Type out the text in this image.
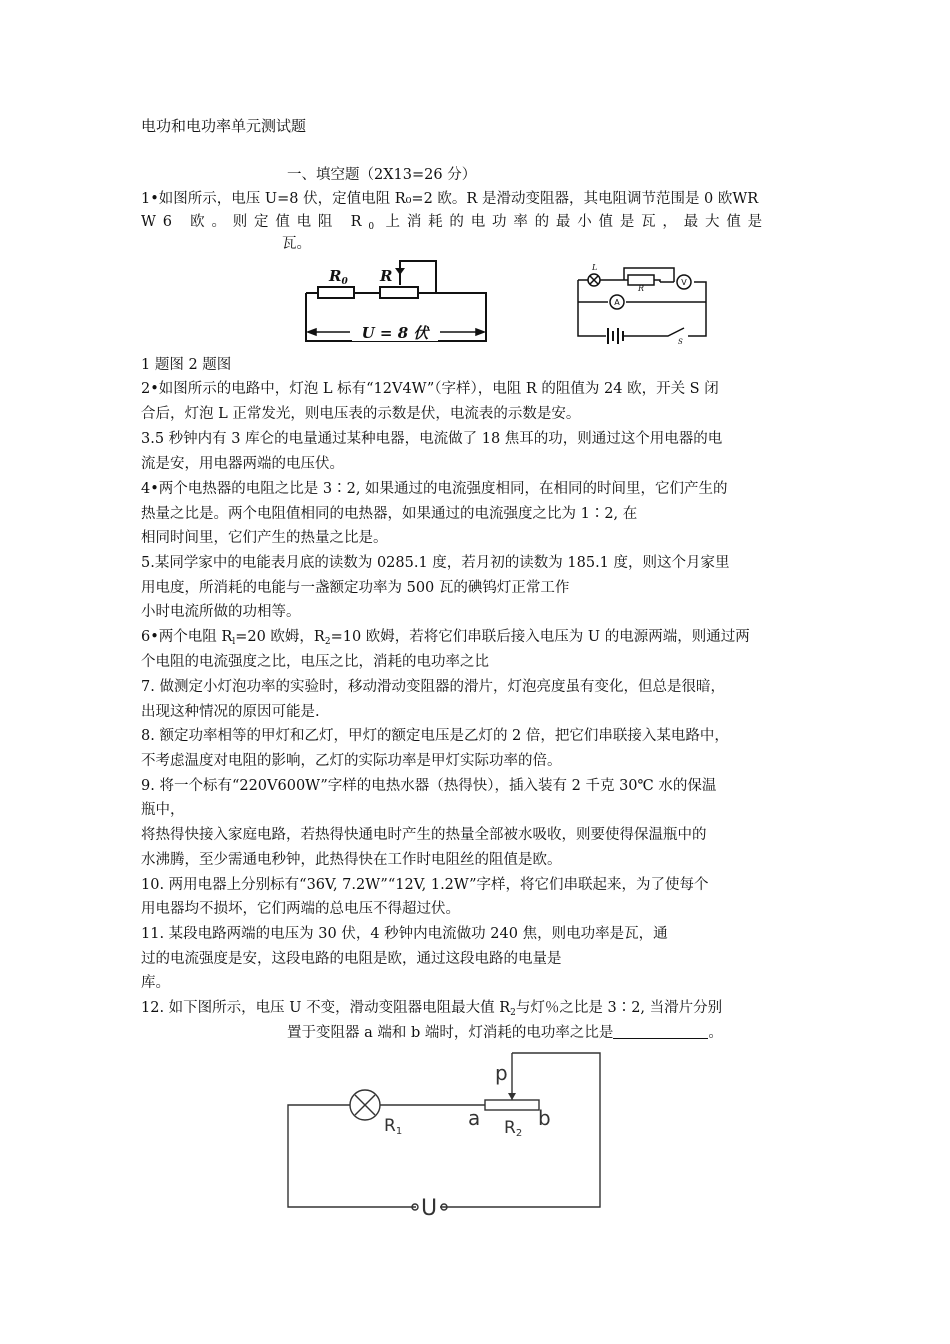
电功和电功率单元测试题
一、填空题（2X13=26 分）
1•如图所示，电压 U=8 伏，定值电阻 R₀=2 欧。R 是滑动变阻器，其电阻调节范围是 0 欧WR
W6 欧。则定值电阻 $R_0$ 上消耗的电功率的最小值是瓦，最大值是
瓦。
$R_0$ R
U = 8 伏
L
R
V
A
S
1 题图 2 题图
2•如图所示的电路中，灯泡 L 标有“12V4W”（字样），电阻 R 的阻值为 24 欧，开关 S 闭
合后，灯泡 L 正常发光，则电压表的示数是伏，电流表的示数是安。
3.5 秒钟内有 3 库仑的电量通过某种电器，电流做了 18 焦耳的功，则通过这个用电器的电
流是安，用电器两端的电压伏。
4•两个电热器的电阻之比是 3∶2, 如果通过的电流强度相同，在相同的时间里，它们产生的
热量之比是。两个电阻值相同的电热器，如果通过的电流强度之比为 1∶2, 在
相同时间里，它们产生的热量之比是。
5.某同学家中的电能表月底的读数为 0285.1 度，若月初的读数为 185.1 度，则这个月家里
用电度，所消耗的电能与一盏额定功率为 500 瓦的碘钨灯正常工作
小时电流所做的功相等。
6•两个电阻 $R_l=20$ 欧姆，$R_2=10$ 欧姆，若将它们串联后接入电压为 U 的电源两端，则通过两
个电阻的电流强度之比，电压之比，消耗的电功率之比
7. 做测定小灯泡功率的实验时，移动滑动变阻器的滑片，灯泡亮度虽有变化，但总是很暗，
出现这种情况的原因可能是.
8. 额定功率相等的甲灯和乙灯，甲灯的额定电压是乙灯的 2 倍，把它们串联接入某电路中，
不考虑温度对电阻的影响，乙灯的实际功率是甲灯实际功率的倍。
9. 将一个标有“220V600W”字样的电热水器（热得快），插入装有 2 千克 30℃ 水的保温
瓶中，
将热得快接入家庭电路，若热得快通电时产生的热量全部被水吸收，则要使得保温瓶中的
水沸腾，至少需通电秒钟，此热得快在工作时电阻丝的阻值是欧。
10. 两用电器上分别标有“36V, 7.2W”“12V, 1.2W”字样，将它们串联起来，为了使每个
用电器均不损坏，它们两端的总电压不得超过伏。
11. 某段电路两端的电压为 30 伏，4 秒钟内电流做功 240 焦，则电功率是瓦，通
过的电流强度是安，这段电路的电阻是欧，通过这段电路的电量是
库。
12. 如下图所示，电压 U 不变，滑动变阻器电阻最大值 $R_2$与灯％之比是 3∶2, 当滑片分别
置于变阻器 a 端和 b 端时，灯消耗的电功率之比是	。
p
a	b
R1	R2
U
